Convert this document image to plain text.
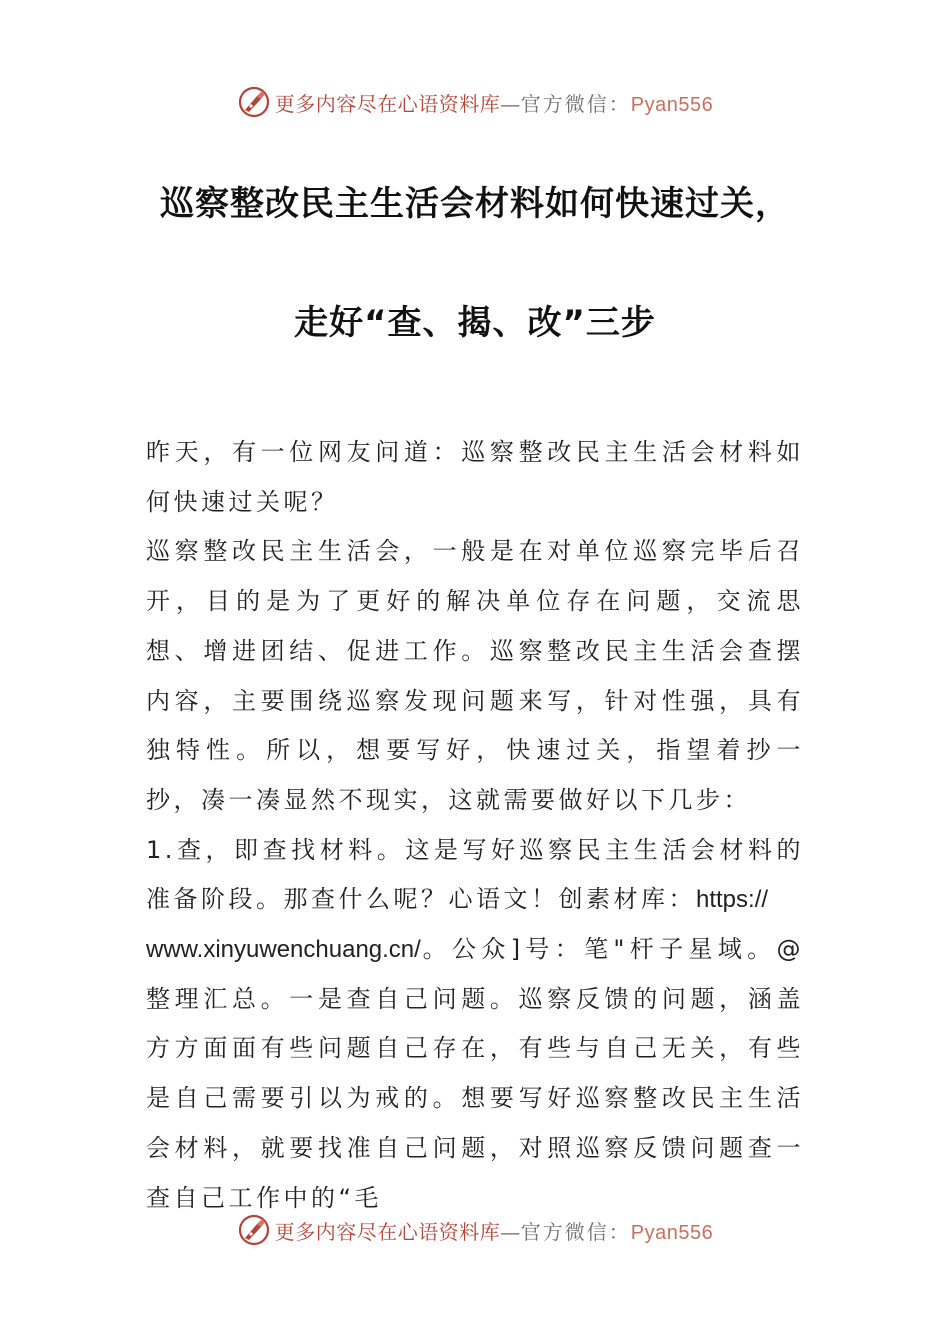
更多内容尽在心语资料库—官方微信：Pyan556
巡察整改民主生活会材料如何快速过关，
走好“查、揭、改”三步

昨天，有一位网友问道：巡察整改民主生活会材料如何快速过关呢？

巡察整改民主生活会，一般是在对单位巡察完毕后召开，目的是为了更好的解决单位存在问题，交流思想、增进团结、促进工作。巡察整改民主生活会查摆内容，主要围绕巡察发现问题来写，针对性强，具有独特性。所以，想要写好，快速过关，指望着抄一抄，凑一凑显然不现实，这就需要做好以下几步：

1.查，即查找材料。这是写好巡察民主生活会材料的准备阶段。那查什么呢？心语文！创素材库：https://
www.xinyuwenchuang.cn/。公众]号：笔"杆子星域。@整理汇总。一是查自己问题。巡察反馈的问题，涵盖方方面面有些问题自己存在，有些与自己无关，有些是自己需要引以为戒的。想要写好巡察整改民主生活会材料，就要找准自己问题，对照巡察反馈问题查一查自己工作中的“毛

更多内容尽在心语资料库—官方微信：Pyan556
